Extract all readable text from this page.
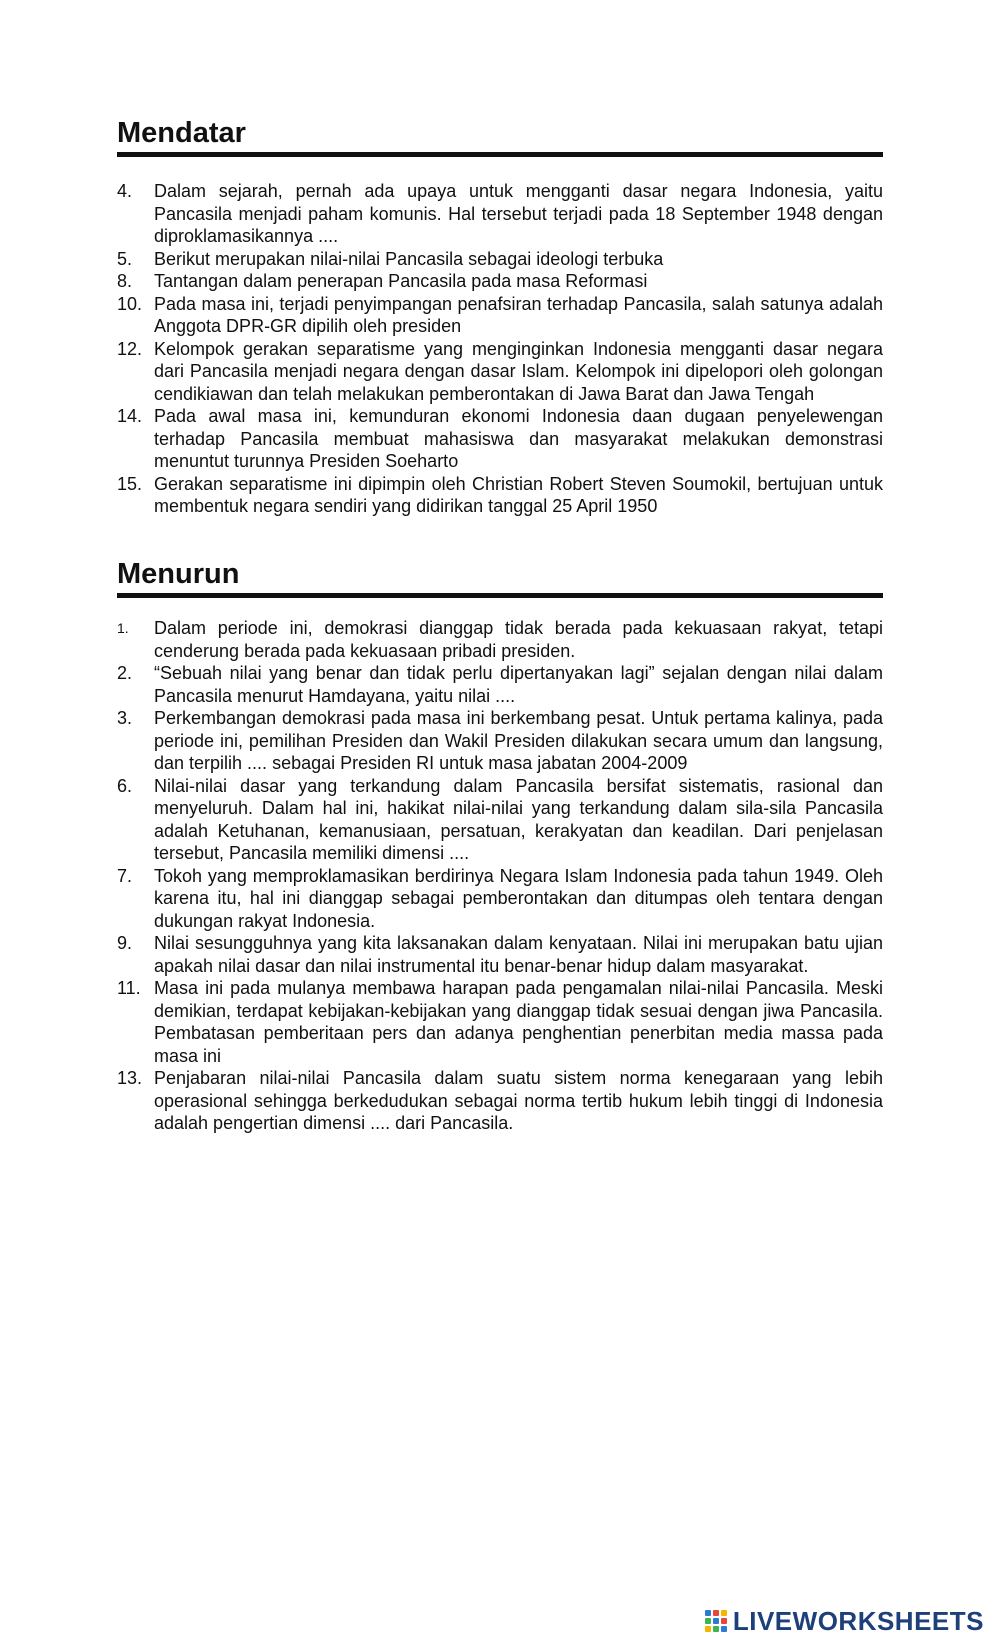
Mendatar
4.	Dalam sejarah, pernah ada upaya untuk mengganti dasar negara Indonesia, yaitu Pancasila menjadi paham komunis. Hal tersebut terjadi pada 18 September 1948 dengan diproklamasikannya ....
5.	Berikut merupakan nilai-nilai Pancasila sebagai ideologi terbuka
8.	Tantangan dalam penerapan Pancasila pada masa Reformasi
10. Pada masa ini, terjadi penyimpangan penafsiran terhadap Pancasila, salah satunya adalah Anggota DPR-GR dipilih oleh presiden
12. Kelompok gerakan separatisme yang menginginkan Indonesia mengganti dasar negara dari Pancasila menjadi negara dengan dasar Islam. Kelompok ini dipelopori oleh golongan cendikiawan dan telah melakukan pemberontakan di Jawa Barat dan Jawa Tengah
14. Pada awal masa ini, kemunduran ekonomi Indonesia daan dugaan penyelewengan terhadap Pancasila membuat mahasiswa dan masyarakat melakukan demonstrasi menuntut turunnya Presiden Soeharto
15. Gerakan separatisme ini dipimpin oleh Christian Robert Steven Soumokil, bertujuan untuk membentuk negara sendiri yang didirikan tanggal 25 April 1950
Menurun
1.	Dalam periode ini, demokrasi dianggap tidak berada pada kekuasaan rakyat, tetapi cenderung berada pada kekuasaan pribadi presiden.
2.	“Sebuah nilai yang benar dan tidak perlu dipertanyakan lagi” sejalan dengan nilai dalam Pancasila menurut Hamdayana, yaitu nilai ....
3.	Perkembangan demokrasi pada masa ini berkembang pesat. Untuk pertama kalinya, pada periode ini, pemilihan Presiden dan Wakil Presiden dilakukan secara umum dan langsung, dan terpilih .... sebagai Presiden RI untuk masa jabatan 2004-2009
6.	Nilai-nilai dasar yang terkandung dalam Pancasila bersifat sistematis, rasional dan menyeluruh. Dalam hal ini, hakikat nilai-nilai yang terkandung dalam sila-sila Pancasila adalah Ketuhanan, kemanusiaan, persatuan, kerakyatan dan keadilan. Dari penjelasan tersebut, Pancasila memiliki dimensi ....
7.	Tokoh yang memproklamasikan berdirinya Negara Islam Indonesia pada tahun 1949. Oleh karena itu, hal ini dianggap sebagai pemberontakan dan ditumpas oleh tentara dengan dukungan rakyat Indonesia.
9.	Nilai sesungguhnya yang kita laksanakan dalam kenyataan. Nilai ini merupakan batu ujian apakah nilai dasar dan nilai instrumental itu benar-benar hidup dalam masyarakat.
11. Masa ini pada mulanya membawa harapan pada pengamalan nilai-nilai Pancasila. Meski demikian, terdapat kebijakan-kebijakan yang dianggap tidak sesuai dengan jiwa Pancasila. Pembatasan pemberitaan pers dan adanya penghentian penerbitan media massa pada masa ini
13. Penjabaran nilai-nilai Pancasila dalam suatu sistem norma kenegaraan yang lebih operasional sehingga berkedudukan sebagai norma tertib hukum lebih tinggi di Indonesia adalah pengertian dimensi .... dari Pancasila.
LIVEWORKSHEETS
